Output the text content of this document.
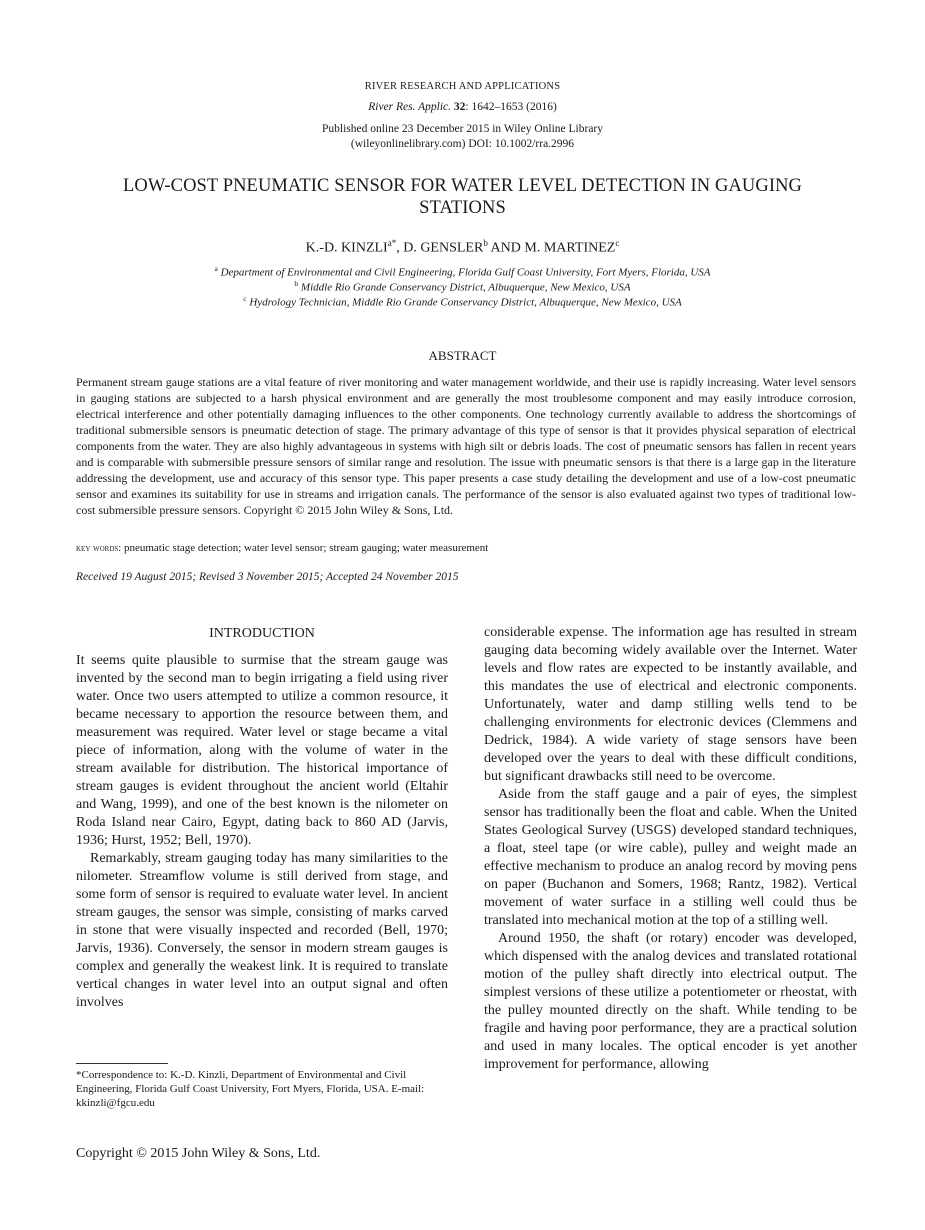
RIVER RESEARCH AND APPLICATIONS
River Res. Applic. 32: 1642–1653 (2016)
Published online 23 December 2015 in Wiley Online Library
(wileyonlinelibrary.com) DOI: 10.1002/rra.2996
LOW-COST PNEUMATIC SENSOR FOR WATER LEVEL DETECTION IN GAUGING STATIONS
K.-D. $KINZLI^{a*}$, D. GENSLER$^b$ AND M. MARTINEZ$^c$
$^a$ Department of Environmental and Civil Engineering, Florida Gulf Coast University, Fort Myers, Florida, USA
$^b$ Middle Rio Grande Conservancy District, Albuquerque, New Mexico, USA
$^c$ Hydrology Technician, Middle Rio Grande Conservancy District, Albuquerque, New Mexico, USA
ABSTRACT
Permanent stream gauge stations are a vital feature of river monitoring and water management worldwide, and their use is rapidly increasing. Water level sensors in gauging stations are subjected to a harsh physical environment and are generally the most troublesome component and may easily introduce corrosion, electrical interference and other potentially damaging influences to the other components. One technology currently available to address the shortcomings of traditional submersible sensors is pneumatic detection of stage. The primary advantage of this type of sensor is that it provides physical separation of electrical components from the water. They are also highly advantageous in systems with high silt or debris loads. The cost of pneumatic sensors has fallen in recent years and is comparable with submersible pressure sensors of similar range and resolution. The issue with pneumatic sensors is that there is a large gap in the literature addressing the development, use and accuracy of this sensor type. This paper presents a case study detailing the development and use of a low-cost pneumatic sensor and examines its suitability for use in streams and irrigation canals. The performance of the sensor is also evaluated against two types of traditional low-cost submersible pressure sensors. Copyright © 2015 John Wiley & Sons, Ltd.
key words: pneumatic stage detection; water level sensor; stream gauging; water measurement
Received 19 August 2015; Revised 3 November 2015; Accepted 24 November 2015
INTRODUCTION

It seems quite plausible to surmise that the stream gauge was invented by the second man to begin irrigating a field using river water. Once two users attempted to utilize a common resource, it became necessary to apportion the resource between them, and measurement was required. Water level or stage became a vital piece of information, along with the volume of water in the stream available for distribution. The historical importance of stream gauges is evident throughout the ancient world (Eltahir and Wang, 1999), and one of the best known is the nilometer on Roda Island near Cairo, Egypt, dating back to 860 AD (Jarvis, 1936; Hurst, 1952; Bell, 1970).

Remarkably, stream gauging today has many similarities to the nilometer. Streamflow volume is still derived from stage, and some form of sensor is required to evaluate water level. In ancient stream gauges, the sensor was simple, consisting of marks carved in stone that were visually inspected and recorded (Bell, 1970; Jarvis, 1936). Conversely, the sensor in modern stream gauges is complex and generally the weakest link. It is required to translate vertical changes in water level into an output signal and often involves

considerable expense. The information age has resulted in stream gauging data becoming widely available over the Internet. Water levels and flow rates are expected to be instantly available, and this mandates the use of electrical and electronic components. Unfortunately, water and damp stilling wells tend to be challenging environments for electronic devices (Clemmens and Dedrick, 1984). A wide variety of stage sensors have been developed over the years to deal with these difficult conditions, but significant drawbacks still need to be overcome.

Aside from the staff gauge and a pair of eyes, the simplest sensor has traditionally been the float and cable. When the United States Geological Survey (USGS) developed standard techniques, a float, steel tape (or wire cable), pulley and weight made an effective mechanism to produce an analog record by moving pens on paper (Buchanon and Somers, 1968; Rantz, 1982). Vertical movement of water surface in a stilling well could thus be translated into mechanical motion at the top of a stilling well.

Around 1950, the shaft (or rotary) encoder was developed, which dispensed with the analog devices and translated rotational motion of the pulley shaft directly into electrical output. The simplest versions of these utilize a potentiometer or rheostat, with the pulley mounted directly on the shaft. While tending to be fragile and having poor performance, they are a practical solution and used in many locales. The optical encoder is yet another improvement for performance, allowing

*Correspondence to: K.-D. Kinzli, Department of Environmental and Civil Engineering, Florida Gulf Coast University, Fort Myers, Florida, USA. E-mail: kkinzli@fgcu.edu
Copyright © 2015 John Wiley & Sons, Ltd.
